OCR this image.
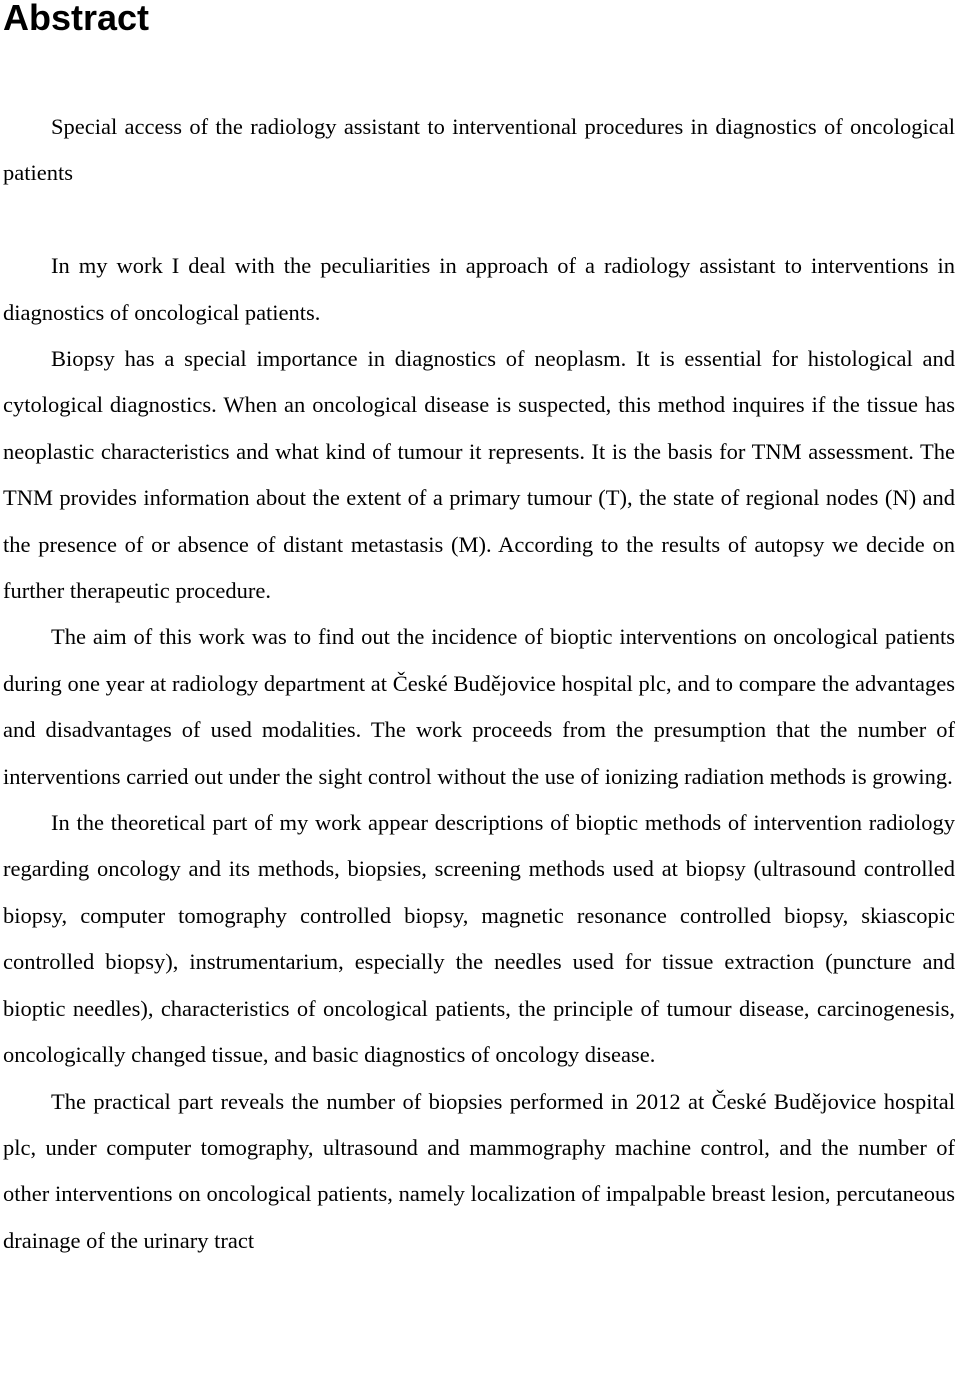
Abstract

Special access of the radiology assistant to interventional procedures in diagnostics of oncological patients

In my work I deal with the peculiarities in approach of a radiology assistant to interventions in diagnostics of oncological patients.

Biopsy has a special importance in diagnostics of neoplasm. It is essential for histological and cytological diagnostics. When an oncological disease is suspected, this method inquires if the tissue has neoplastic characteristics and what kind of tumour it represents. It is the basis for TNM assessment. The TNM provides information about the extent of a primary tumour (T), the state of regional nodes (N) and the presence of or absence of distant metastasis (M). According to the results of autopsy we decide on further therapeutic procedure.

The aim of this work was to find out the incidence of bioptic interventions on oncological patients during one year at radiology department at České Budějovice hospital plc, and to compare the advantages and disadvantages of used modalities. The work proceeds from the presumption that the number of interventions carried out under the sight control without the use of ionizing radiation methods is growing.

In the theoretical part of my work appear descriptions of bioptic methods of intervention radiology regarding oncology and its methods, biopsies, screening methods used at biopsy (ultrasound controlled biopsy, computer tomography controlled biopsy, magnetic resonance controlled biopsy, skiascopic controlled biopsy), instrumentarium, especially the needles used for tissue extraction (puncture and bioptic needles), characteristics of oncological patients, the principle of tumour disease, carcinogenesis, oncologically changed tissue, and basic diagnostics of oncology disease.

The practical part reveals the number of biopsies performed in 2012 at České Budějovice hospital plc, under computer tomography, ultrasound and mammography machine control, and the number of other interventions on oncological patients, namely localization of impalpable breast lesion, percutaneous drainage of the urinary tract
